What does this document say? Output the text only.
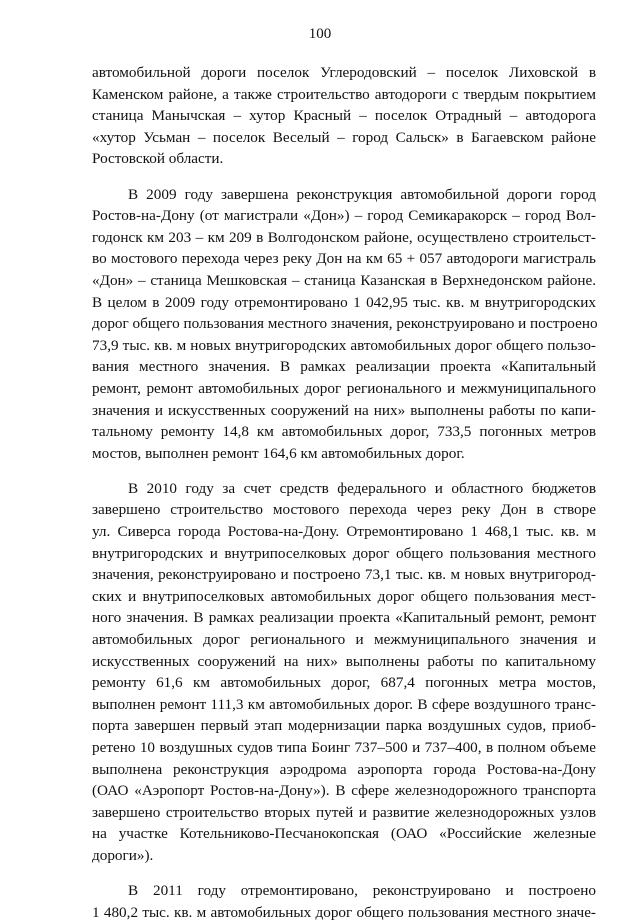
100
автомобильной дороги поселок Углеродовский – поселок Лиховской в
Каменском районе, а также строительство автодороги с твердым покрытием
станица Манычская – хутор Красный – поселок Отрадный – автодорога
«хутор Усьман – поселок Веселый – город Сальск» в Багаевском районе
Ростовской области.
В 2009 году завершена реконструкция автомобильной дороги город
Ростов-на-Дону (от магистрали «Дон») – город Семикаракорск – город Вол-
годонск км 203 – км 209 в Волгодонском районе, осуществлено строительст-
во мостового перехода через реку Дон на км 65 + 057 автодороги магистраль
«Дон» – станица Мешковская – станица Казанская в Верхнедонском районе.
В целом в 2009 году отремонтировано 1 042,95 тыс. кв. м внутригородских
дорог общего пользования местного значения, реконструировано и построено
73,9 тыс. кв. м новых внутригородских автомобильных дорог общего пользо-
вания местного значения. В рамках реализации проекта «Капитальный
ремонт, ремонт автомобильных дорог регионального и межмуниципального
значения и искусственных сооружений на них» выполнены работы по капи-
тальному ремонту 14,8 км автомобильных дорог, 733,5 погонных метров
мостов, выполнен ремонт 164,6 км автомобильных дорог.
В 2010 году за счет средств федерального и областного бюджетов
завершено строительство мостового перехода через реку Дон в створе
ул. Сиверса города Ростова-на-Дону. Отремонтировано 1 468,1 тыс. кв. м
внутригородских и внутрипоселковых дорог общего пользования местного
значения, реконструировано и построено 73,1 тыс. кв. м новых внутригород-
ских и внутрипоселковых автомобильных дорог общего пользования мест-
ного значения. В рамках реализации проекта «Капитальный ремонт, ремонт
автомобильных дорог регионального и межмуниципального значения и
искусственных сооружений на них» выполнены работы по капитальному
ремонту 61,6 км автомобильных дорог, 687,4 погонных метра мостов,
выполнен ремонт 111,3 км автомобильных дорог. В сфере воздушного транс-
порта завершен первый этап модернизации парка воздушных судов, приоб-
ретено 10 воздушных судов типа Боинг 737–500 и 737–400, в полном объеме
выполнена реконструкция аэродрома аэропорта города Ростова-на-Дону
(ОАО «Аэропорт Ростов-на-Дону»). В сфере железнодорожного транспорта
завершено строительство вторых путей и развитие железнодорожных узлов
на участке Котельниково-Песчанокопская (ОАО «Российские железные
дороги»).
В 2011 году отремонтировано, реконструировано и построено
1 480,2 тыс. кв. м автомобильных дорог общего пользования местного значе-
